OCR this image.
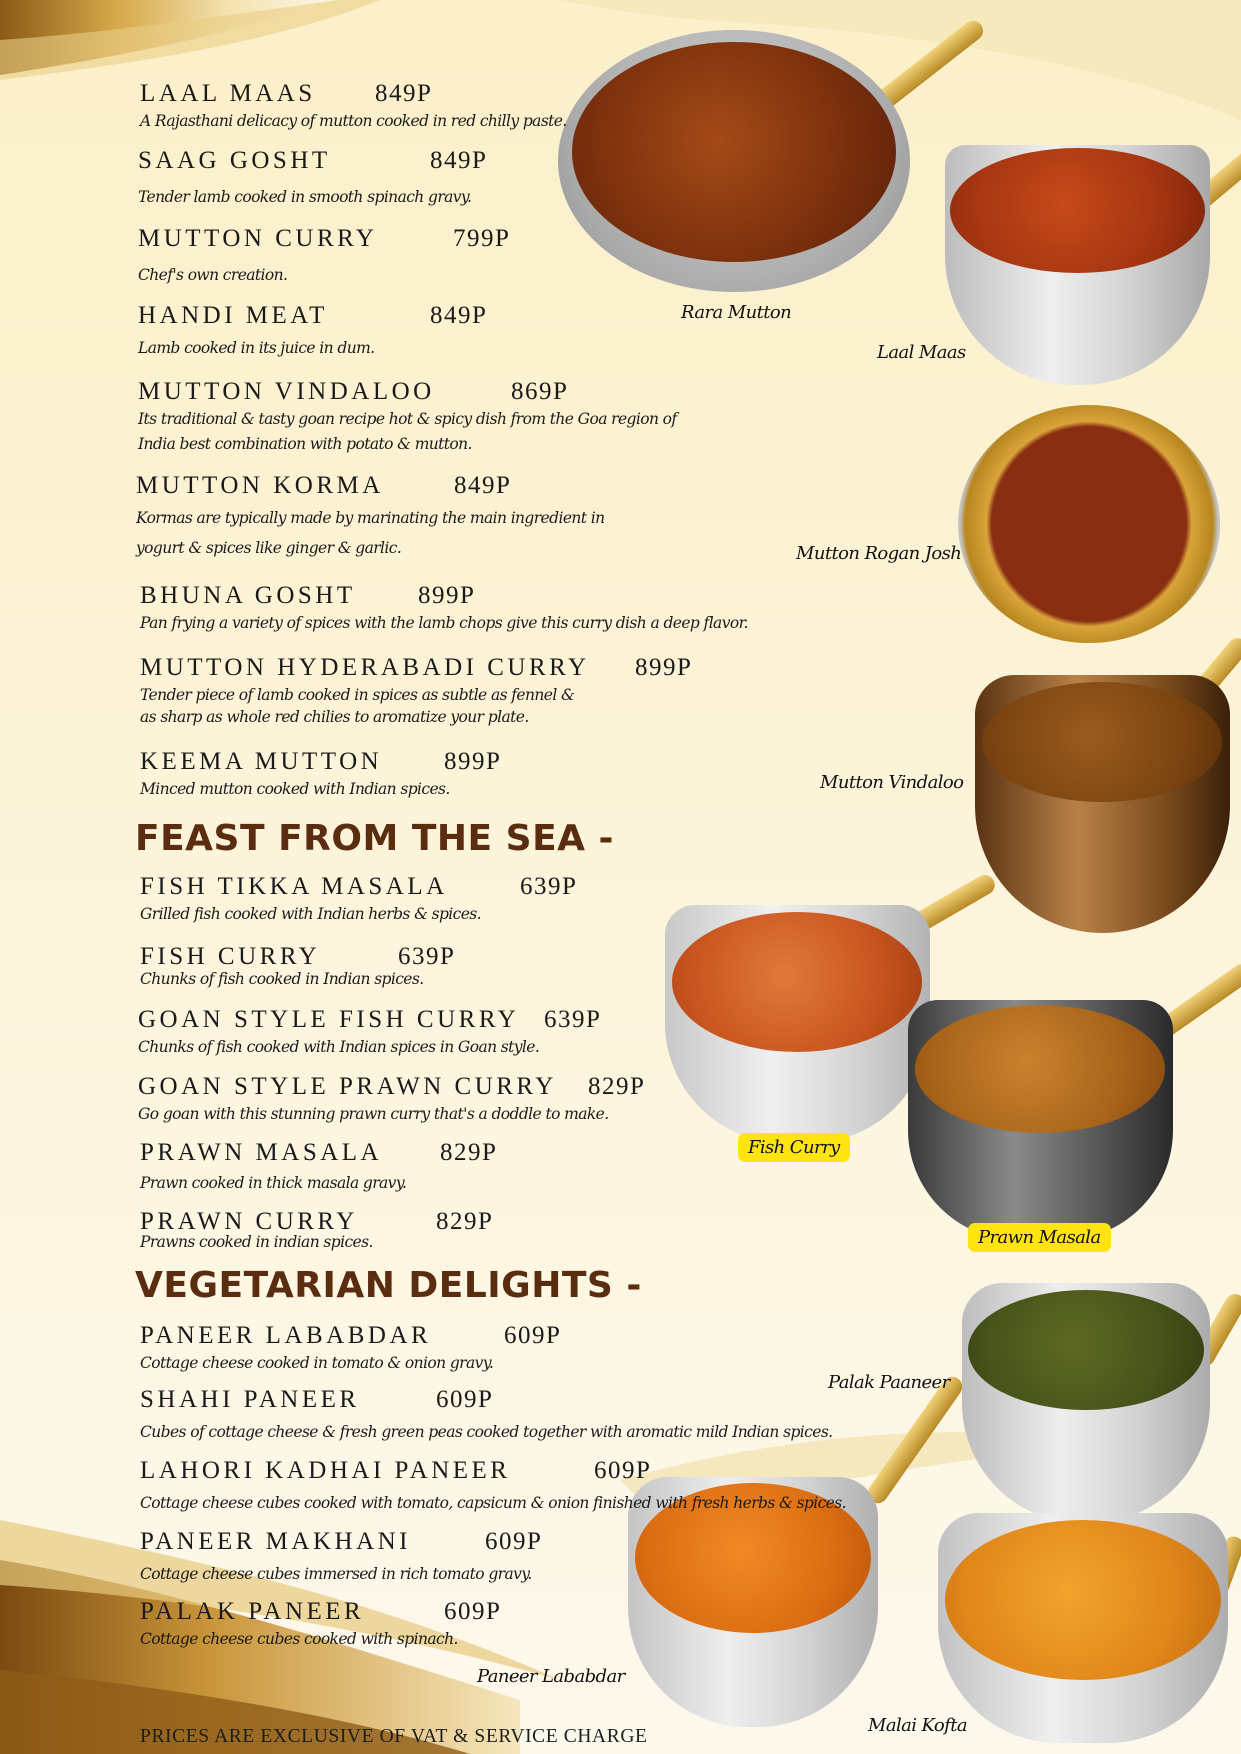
Rara Mutton
Laal Maas
Mutton Rogan Josh
Mutton Vindaloo
Fish Curry
Prawn Masala
Palak Paaneer
Paneer Lababdar
Malai Kofta
LAAL MAAS 849P
A Rajasthani delicacy of mutton cooked in red chilly paste.
SAAG GOSHT	849P
Tender lamb cooked in smooth spinach gravy.
MUTTON CURRY	799P
Chef's own creation.
HANDI MEAT	849P
Lamb cooked in its juice in dum.
MUTTON VINDALOO	869P
Its traditional & tasty goan recipe hot & spicy dish from the Goa region of
India best combination with potato & mutton.
MUTTON KORMA	849P
Kormas are typically made by marinating the main ingredient in
yogurt & spices like ginger & garlic.
BHUNA GOSHT 899P
Pan frying a variety of spices with the lamb chops give this curry dish a deep flavor.
MUTTON HYDERABADI CURRY 899P
Tender piece of lamb cooked in spices as subtle as fennel &
as sharp as whole red chilies to aromatize your plate.
KEEMA MUTTON 899P
Minced mutton cooked with Indian spices.
FEAST FROM THE SEA -
FISH TIKKA MASALA	639P
Grilled fish cooked with Indian herbs & spices.
FISH CURRY	639P
Chunks of fish cooked in Indian spices.
GOAN STYLE FISH CURRY 639P
Chunks of fish cooked with Indian spices in Goan style.
GOAN STYLE PRAWN CURRY 829P
Go goan with this stunning prawn curry that's a doddle to make.
PRAWN MASALA 829P
Prawn cooked in thick masala gravy.
PRAWN CURRY	829P
Prawns cooked in indian spices.
VEGETARIAN DELIGHTS -
PANEER LABABDAR	609P
Cottage cheese cooked in tomato & onion gravy.
SHAHI PANEER	609P
Cubes of cottage cheese & fresh green peas cooked together with aromatic mild Indian spices.
LAHORI KADHAI PANEER	609P
Cottage cheese cubes cooked with tomato, capsicum & onion finished with fresh herbs & spices.
PANEER MAKHANI	609P
Cottage cheese cubes immersed in rich tomato gravy.
PALAK PANEER	609P
Cottage cheese cubes cooked with spinach.
PRICES ARE EXCLUSIVE OF VAT & SERVICE CHARGE
